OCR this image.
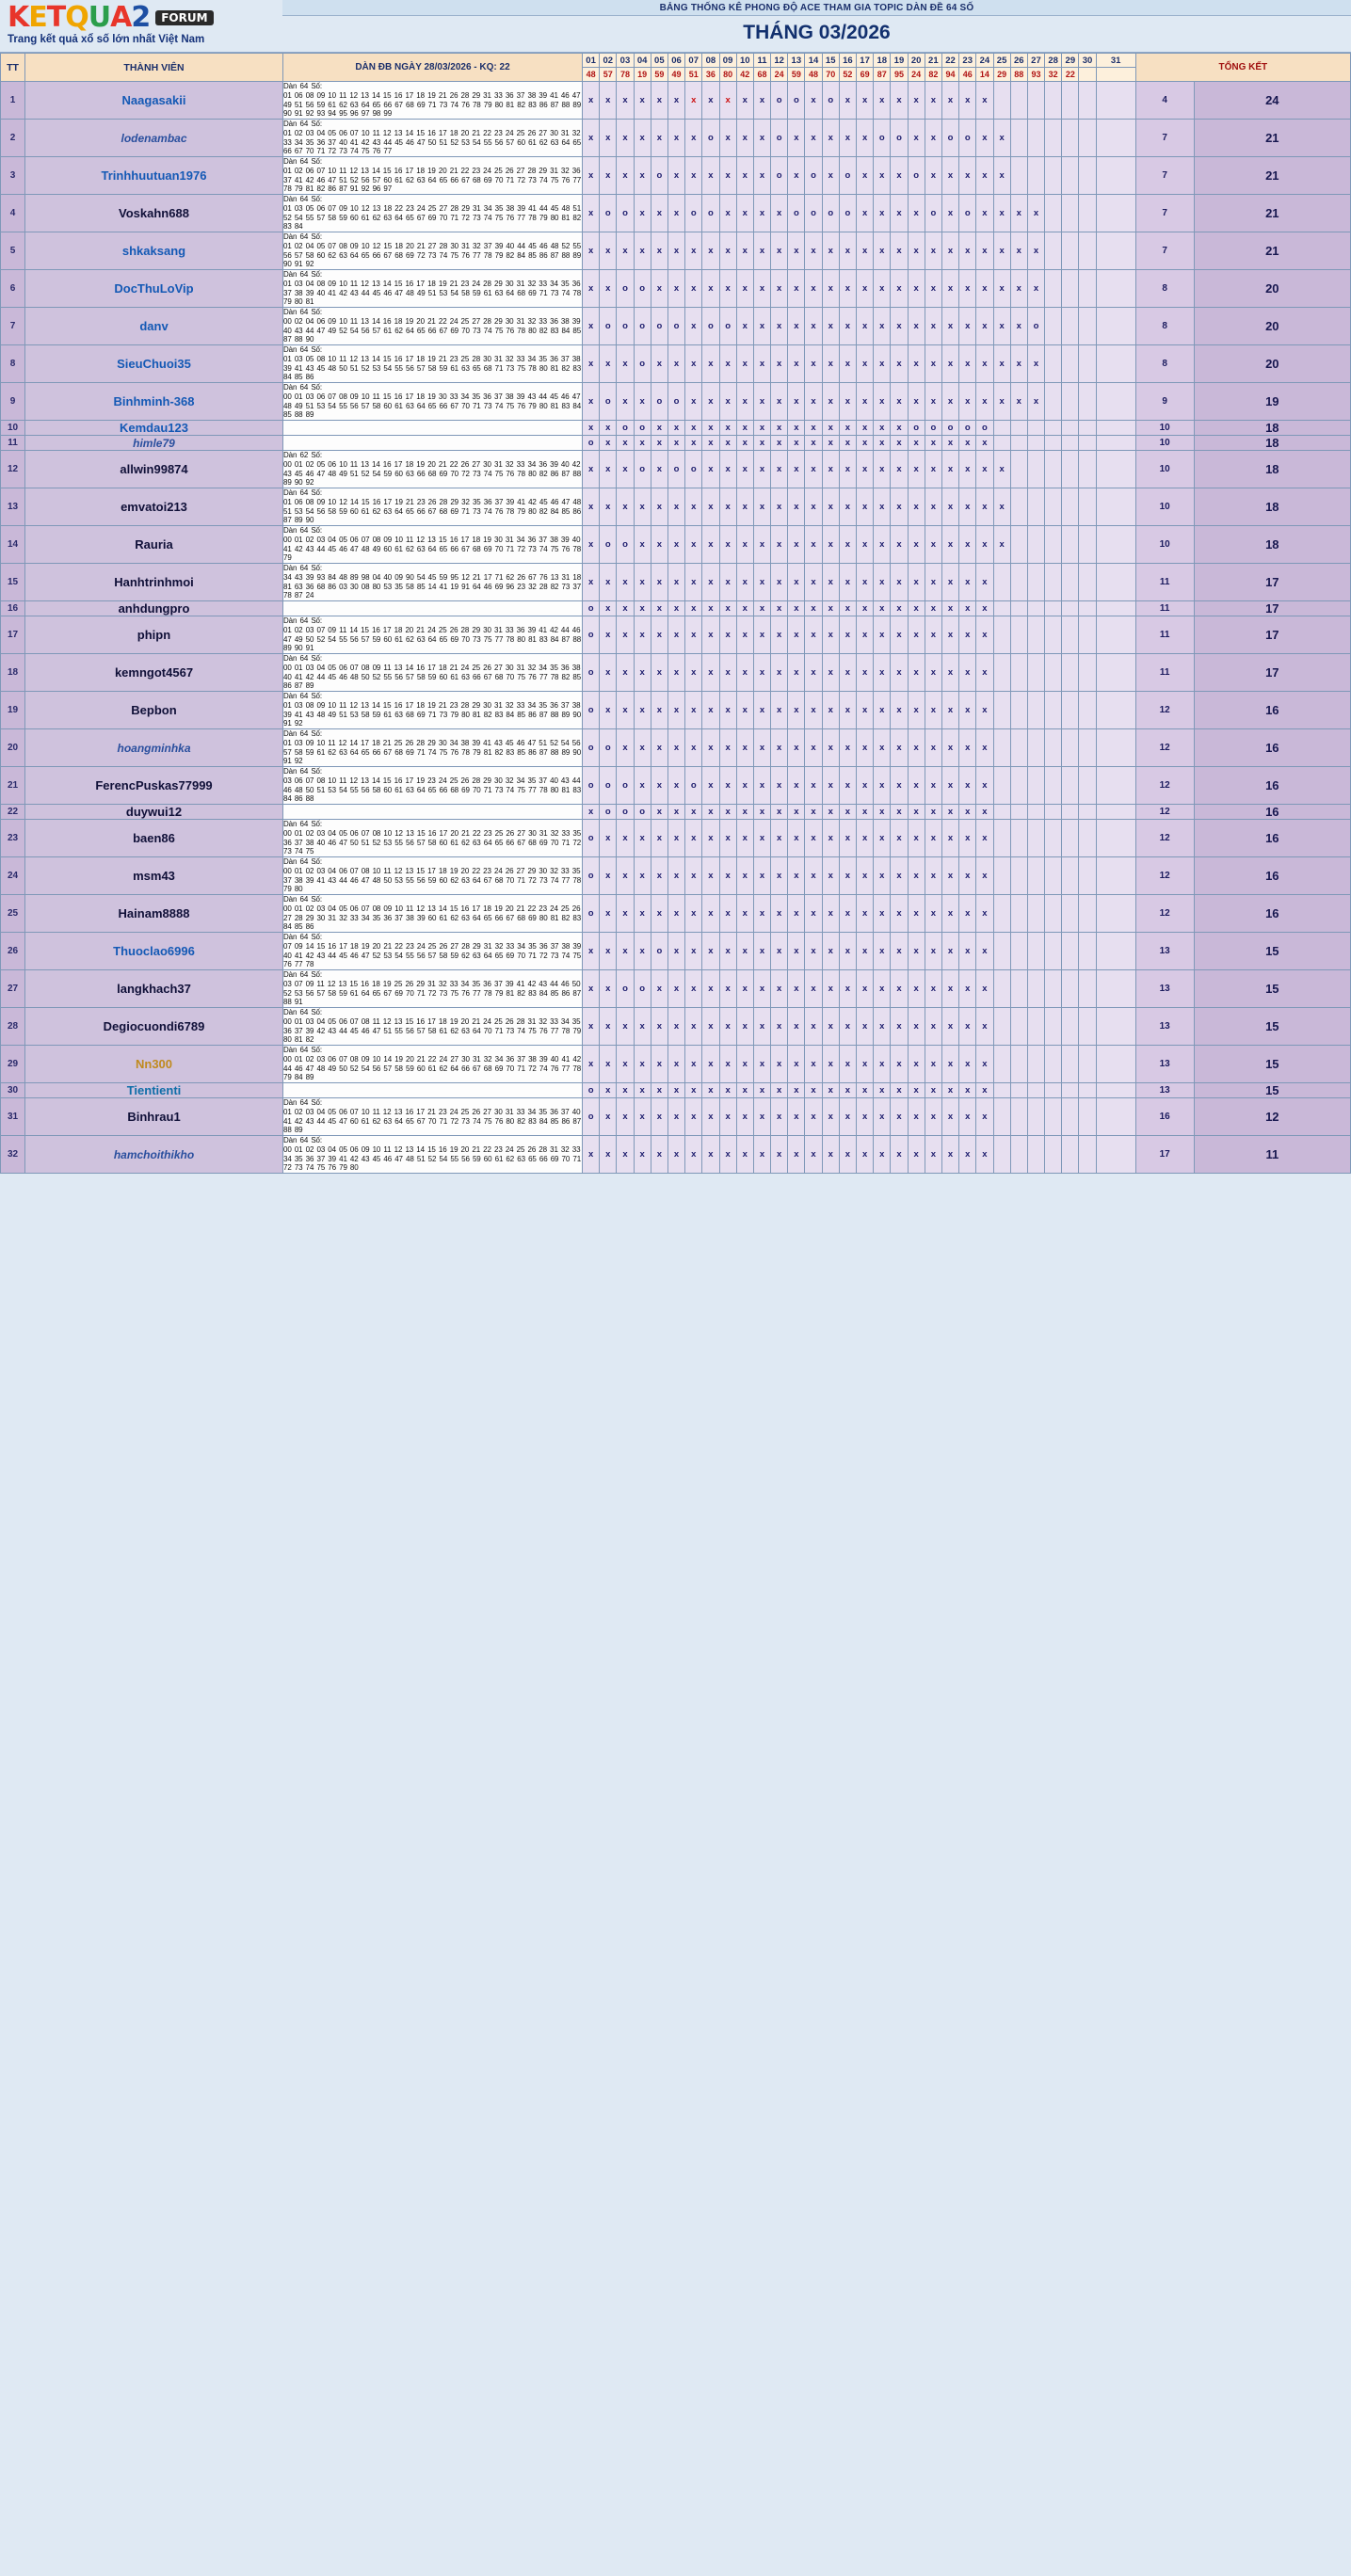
K E T Q U A 2	FORUM
Trang kết quả xổ số lớn nhất Việt Nam
BẢNG THỐNG KÊ PHONG ĐỘ ACE THAM GIA TOPIC DÀN ĐỀ 64 SỐ
THÁNG 03/2026
TT	THÀNH VIÊN	DÀN ĐB NGÀY 28/03/2026 - KQ: 22	01	02	03	04	05	06	07	08	09	10	11	12	13	14	15	16	17	18	19	20	21	22	23	24	25	26	27	28	29	30	31	TỔNG KẾT	
			48	57	78	19	59	49	51	36	80	42	68	24	59	48	70	52	69	87	95	24	82	94	46	14	29	88	93	32	22				
1	Naagasakii	Dàn 64 Số:
01 06 08 09 10 11 12 13 14 15 16 17 18 19 21 26 28 29 31 33 36 37 38 39 41 46 47 49 51 56 59 61 62 63 64 65 66 67 68 69 71 73 74 76 78 79 80 81 82 83 86 87 88 89 90 91 92 93 94 95 96 97 98 99	x	x	x	x	x	x	x	x	x	x	x	o	o	x	o	x	x	x	x	x	x	x	x	x								4	24
2	lodenambac	Dàn 64 Số:
01 02 03 04 05 06 07 10 11 12 13 14 15 16 17 18 20 21 22 23 24 25 26 27 30 31 32 33 34 35 36 37 40 41 42 43 44 45 46 47 50 51 52 53 54 55 56 57 60 61 62 63 64 65 66 67 70 71 72 73 74 75 76 77	x	x	x	x	x	x	x	o	x	x	x	o	x	x	x	x	x	o	o	x	x	o	o	x	x							7	21
3	Trinhhuutuan1976	Dàn 64 Số:
01 02 06 07 10 11 12 13 14 15 16 17 18 19 20 21 22 23 24 25 26 27 28 29 31 32 36 37 41 42 46 47 51 52 56 57 60 61 62 63 64 65 66 67 68 69 70 71 72 73 74 75 76 77 78 79 81 82 86 87 91 92 96 97	x	x	x	x	o	x	x	x	x	x	x	o	x	o	x	o	x	x	x	o	x	x	x	x	x							7	21
4	Voskahn688	Dàn 64 Số:
01 03 05 06 07 09 10 12 13 18 22 23 24 25 27 28 29 31 34 35 38 39 41 44 45 48 51 52 54 55 57 58 59 60 61 62 63 64 65 67 69 70 71 72 73 74 75 76 77 78 79 80 81 82 83 84	x	o	o	x	x	x	o	o	x	x	x	x	o	o	o	o	x	x	x	x	o	x	o	x	x	x	x					7	21
5	shkaksang	Dàn 64 Số:
01 02 04 05 07 08 09 10 12 15 18 20 21 27 28 30 31 32 37 39 40 44 45 46 48 52 55 56 57 58 60 62 63 64 65 66 67 68 69 72 73 74 75 76 77 78 79 82 84 85 86 87 88 89 90 91 92	x	x	x	x	x	x	x	x	x	x	x	x	x	x	x	x	x	x	x	x	x	x	x	x	x	x	x					7	21
6	DocThuLoVip	Dàn 64 Số:
01 03 04 08 09 10 11 12 13 14 15 16 17 18 19 21 23 24 28 29 30 31 32 33 34 35 36 37 38 39 40 41 42 43 44 45 46 47 48 49 51 53 54 58 59 61 63 64 68 69 71 73 74 78 79 80 81	x	x	o	o	x	x	x	x	x	x	x	x	x	x	x	x	x	x	x	x	x	x	x	x	x	x	x					8	20
7	danv	Dàn 64 Số:
00 02 04 06 09 10 11 13 14 16 18 19 20 21 22 24 25 27 28 29 30 31 32 33 36 38 39 40 43 44 47 49 52 54 56 57 61 62 64 65 66 67 69 70 73 74 75 76 78 80 82 83 84 85 87 88 90	x	o	o	o	o	o	x	o	o	x	x	x	x	x	x	x	x	x	x	x	x	x	x	x	x	x	o					8	20
8	SieuChuoi35	Dàn 64 Số:
01 03 05 08 10 11 12 13 14 15 16 17 18 19 21 23 25 28 30 31 32 33 34 35 36 37 38 39 41 43 45 48 50 51 52 53 54 55 56 57 58 59 61 63 65 68 71 73 75 78 80 81 82 83 84 85 86	x	x	x	o	x	x	x	x	x	x	x	x	x	x	x	x	x	x	x	x	x	x	x	x	x	x	x					8	20
9	Binhminh-368	Dàn 64 Số:
00 01 03 06 07 08 09 10 11 15 16 17 18 19 30 33 34 35 36 37 38 39 43 44 45 46 47 48 49 51 53 54 55 56 57 58 60 61 63 64 65 66 67 70 71 73 74 75 76 79 80 81 83 84 85 88 89	x	o	x	x	o	o	x	x	x	x	x	x	x	x	x	x	x	x	x	x	x	x	x	x	x	x	x					9	19
10	Kemdau123		x	x	o	o	x	x	x	x	x	x	x	x	x	x	x	x	x	x	x	o	o	o	o	o								10	18
11	himle79		o	x	x	x	x	x	x	x	x	x	x	x	x	x	x	x	x	x	x	x	x	x	x	x								10	18
12	allwin99874	Dàn 62 Số:
00 01 02 05 06 10 11 13 14 16 17 18 19 20 21 22 26 27 30 31 32 33 34 36 39 40 42 43 45 46 47 48 49 51 52 54 59 60 63 66 68 69 70 72 73 74 75 76 78 80 82 86 87 88 89 90 92	x	x	x	o	x	o	o	x	x	x	x	x	x	x	x	x	x	x	x	x	x	x	x	x	x							10	18
13	emvatoi213	Dàn 64 Số:
01 06 08 09 10 12 14 15 16 17 19 21 23 26 28 29 32 35 36 37 39 41 42 45 46 47 48 51 53 54 56 58 59 60 61 62 63 64 65 66 67 68 69 71 73 74 76 78 79 80 82 84 85 86 87 89 90	x	x	x	x	x	x	x	x	x	x	x	x	x	x	x	x	x	x	x	x	x	x	x	x	x							10	18
14	Rauria	Dàn 64 Số:
00 01 02 03 04 05 06 07 08 09 10 11 12 13 15 16 17 18 19 30 31 34 36 37 38 39 40 41 42 43 44 45 46 47 48 49 60 61 62 63 64 65 66 67 68 69 70 71 72 73 74 75 76 78 79	x	o	o	x	x	x	x	x	x	x	x	x	x	x	x	x	x	x	x	x	x	x	x	x	x							10	18
15	Hanhtrinhmoi	Dàn 64 Số:
34 43 39 93 84 48 89 98 04 40 09 90 54 45 59 95 12 21 17 71 62 26 67 76 13 31 18 81 63 36 68 86 03 30 08 80 53 35 58 85 14 41 19 91 64 46 69 96 23 32 28 82 73 37 78 87 24	x	x	x	x	x	x	x	x	x	x	x	x	x	x	x	x	x	x	x	x	x	x	x	x								11	17
16	anhdungpro		o	x	x	x	x	x	x	x	x	x	x	x	x	x	x	x	x	x	x	x	x	x	x	x								11	17
17	phipn	Dàn 64 Số:
01 02 03 07 09 11 14 15 16 17 18 20 21 24 25 26 28 29 30 31 33 36 39 41 42 44 46 47 49 50 52 54 55 56 57 59 60 61 62 63 64 65 69 70 73 75 77 78 80 81 83 84 87 88 89 90 91	o	x	x	x	x	x	x	x	x	x	x	x	x	x	x	x	x	x	x	x	x	x	x	x								11	17
18	kemngot4567	Dàn 64 Số:
00 01 03 04 05 06 07 08 09 11 13 14 16 17 18 21 24 25 26 27 30 31 32 34 35 36 38 40 41 42 44 45 46 48 50 52 55 56 57 58 59 60 61 63 66 67 68 70 75 76 77 78 82 85 86 87 89	o	x	x	x	x	x	x	x	x	x	x	x	x	x	x	x	x	x	x	x	x	x	x	x								11	17
19	Bepbon	Dàn 64 Số:
01 03 08 09 10 11 12 13 14 15 16 17 18 19 21 23 28 29 30 31 32 33 34 35 36 37 38 39 41 43 48 49 51 53 58 59 61 63 68 69 71 73 79 80 81 82 83 84 85 86 87 88 89 90 91 92	o	x	x	x	x	x	x	x	x	x	x	x	x	x	x	x	x	x	x	x	x	x	x	x								12	16
20	hoangminhka	Dàn 64 Số:
01 03 09 10 11 12 14 17 18 21 25 26 28 29 30 34 38 39 41 43 45 46 47 51 52 54 56 57 58 59 61 62 63 64 65 66 67 68 69 71 74 75 76 78 79 81 82 83 85 86 87 88 89 90 91 92	o	o	x	x	x	x	x	x	x	x	x	x	x	x	x	x	x	x	x	x	x	x	x	x								12	16
21	FerencPuskas77999	Dàn 64 Số:
03 06 07 08 10 11 12 13 14 15 16 17 19 23 24 25 26 28 29 30 32 34 35 37 40 43 44 46 48 50 51 53 54 55 56 58 60 61 63 64 65 66 68 69 70 71 73 74 75 77 78 80 81 83 84 86 88	o	o	o	x	x	x	o	x	x	x	x	x	x	x	x	x	x	x	x	x	x	x	x	x								12	16
22	duywui12		x	o	o	o	x	x	x	x	x	x	x	x	x	x	x	x	x	x	x	x	x	x	x	x								12	16
23	baen86	Dàn 64 Số:
00 01 02 03 04 05 06 07 08 10 12 13 15 16 17 20 21 22 23 25 26 27 30 31 32 33 35 36 37 38 40 46 47 50 51 52 53 55 56 57 58 60 61 62 63 64 65 66 67 68 69 70 71 72 73 74 75	o	x	x	x	x	x	x	x	x	x	x	x	x	x	x	x	x	x	x	x	x	x	x	x								12	16
24	msm43	Dàn 64 Số:
00 01 02 03 04 06 07 08 10 11 12 13 15 17 18 19 20 22 23 24 26 27 29 30 32 33 35 37 38 39 41 43 44 46 47 48 50 53 55 56 59 60 62 63 64 67 68 70 71 72 73 74 77 78 79 80	o	x	x	x	x	x	x	x	x	x	x	x	x	x	x	x	x	x	x	x	x	x	x	x								12	16
25	Hainam8888	Dàn 64 Số:
00 01 02 03 04 05 06 07 08 09 10 11 12 13 14 15 16 17 18 19 20 21 22 23 24 25 26 27 28 29 30 31 32 33 34 35 36 37 38 39 60 61 62 63 64 65 66 67 68 69 80 81 82 83 84 85 86	o	x	x	x	x	x	x	x	x	x	x	x	x	x	x	x	x	x	x	x	x	x	x	x								12	16
26	Thuoclao6996	Dàn 64 Số:
07 09 14 15 16 17 18 19 20 21 22 23 24 25 26 27 28 29 31 32 33 34 35 36 37 38 39 40 41 42 43 44 45 46 47 52 53 54 55 56 57 58 59 62 63 64 65 69 70 71 72 73 74 75 76 77 78	x	x	x	x	o	x	x	x	x	x	x	x	x	x	x	x	x	x	x	x	x	x	x	x								13	15
27	langkhach37	Dàn 64 Số:
03 07 09 11 12 13 15 16 18 19 25 26 29 31 32 33 34 35 36 37 39 41 42 43 44 46 50 52 53 56 57 58 59 61 64 65 67 69 70 71 72 73 75 76 77 78 79 81 82 83 84 85 86 87 88 91	x	x	o	o	x	x	x	x	x	x	x	x	x	x	x	x	x	x	x	x	x	x	x	x								13	15
28	Degiocuondi6789	Dàn 64 Số:
00 01 03 04 05 06 07 08 11 12 13 15 16 17 18 19 20 21 24 25 26 28 31 32 33 34 35 36 37 39 42 43 44 45 46 47 51 55 56 57 58 61 62 63 64 70 71 73 74 75 76 77 78 79 80 81 82	x	x	x	x	x	x	x	x	x	x	x	x	x	x	x	x	x	x	x	x	x	x	x	x								13	15
29	Nn300	Dàn 64 Số:
00 01 02 03 06 07 08 09 10 14 19 20 21 22 24 27 30 31 32 34 36 37 38 39 40 41 42 44 46 47 48 49 50 52 54 56 57 58 59 60 61 62 64 66 67 68 69 70 71 72 74 76 77 78 79 84 89	x	x	x	x	x	x	x	x	x	x	x	x	x	x	x	x	x	x	x	x	x	x	x	x								13	15
30	Tientienti		o	x	x	x	x	x	x	x	x	x	x	x	x	x	x	x	x	x	x	x	x	x	x	x								13	15
31	Binhrau1	Dàn 64 Số:
01 02 03 04 05 06 07 10 11 12 13 16 17 21 23 24 25 26 27 30 31 33 34 35 36 37 40 41 42 43 44 45 47 60 61 62 63 64 65 67 70 71 72 73 74 75 76 80 82 83 84 85 86 87 88 89	o	x	x	x	x	x	x	x	x	x	x	x	x	x	x	x	x	x	x	x	x	x	x	x								16	12
32	hamchoithikho	Dàn 64 Số:
00 01 02 03 04 05 06 09 10 11 12 13 14 15 16 19 20 21 22 23 24 25 26 28 31 32 33 34 35 36 37 39 41 42 43 45 46 47 48 51 52 54 55 56 59 60 61 62 63 65 66 69 70 71 72 73 74 75 76 79 80	x	x	x	x	x	x	x	x	x	x	x	x	x	x	x	x	x	x	x	x	x	x	x	x								17	11
